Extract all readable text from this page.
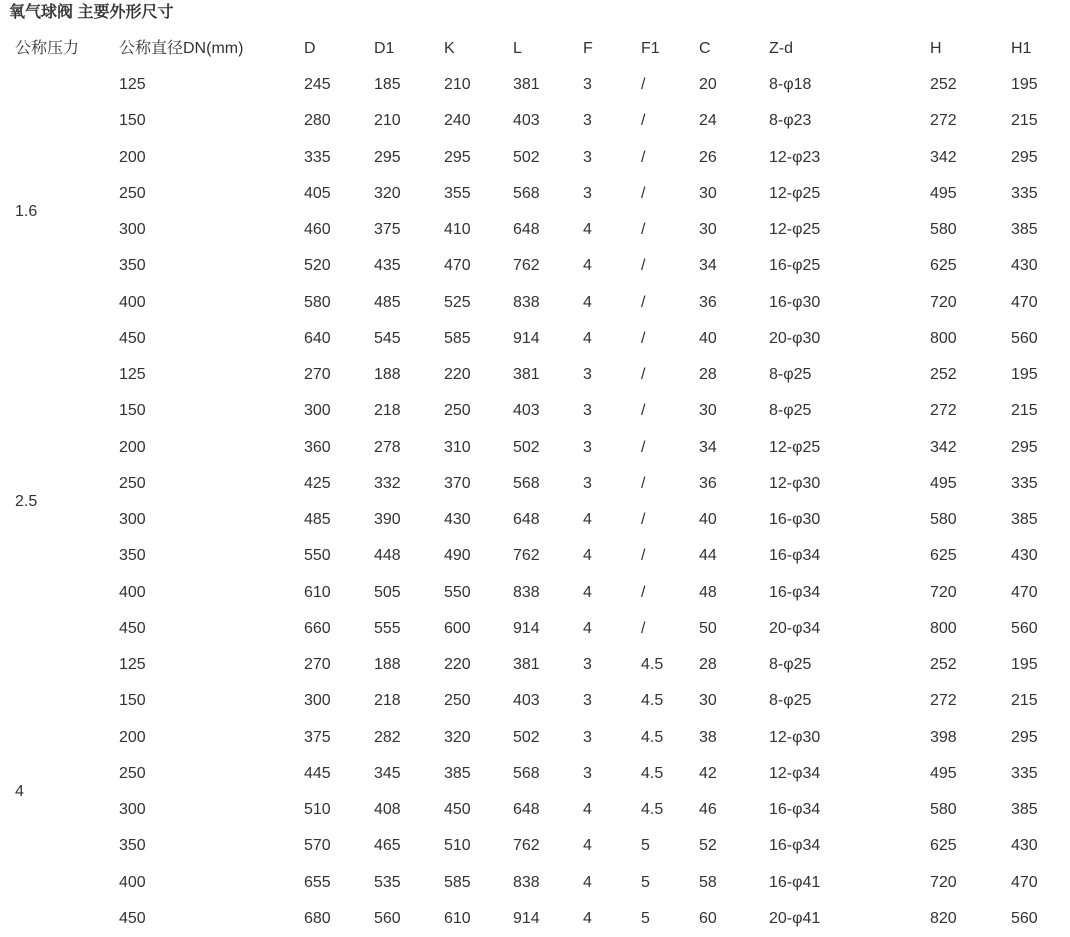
氧气球阀 主要外形尺寸
公称压力	公称直径DN(mm)	D	D1	K	L	F	F1	C	Z-d	H	H1
1.6	125	245	185	210	381	3	/	20	8-φ18	252	195
	150	280	210	240	403	3	/	24	8-φ23	272	215
	200	335	295	295	502	3	/	26	12-φ23	342	295
	250	405	320	355	568	3	/	30	12-φ25	495	335
	300	460	375	410	648	4	/	30	12-φ25	580	385
	350	520	435	470	762	4	/	34	16-φ25	625	430
	400	580	485	525	838	4	/	36	16-φ30	720	470
	450	640	545	585	914	4	/	40	20-φ30	800	560
2.5	125	270	188	220	381	3	/	28	8-φ25	252	195
	150	300	218	250	403	3	/	30	8-φ25	272	215
	200	360	278	310	502	3	/	34	12-φ25	342	295
	250	425	332	370	568	3	/	36	12-φ30	495	335
	300	485	390	430	648	4	/	40	16-φ30	580	385
	350	550	448	490	762	4	/	44	16-φ34	625	430
	400	610	505	550	838	4	/	48	16-φ34	720	470
	450	660	555	600	914	4	/	50	20-φ34	800	560
4	125	270	188	220	381	3	4.5	28	8-φ25	252	195
	150	300	218	250	403	3	4.5	30	8-φ25	272	215
	200	375	282	320	502	3	4.5	38	12-φ30	398	295
	250	445	345	385	568	3	4.5	42	12-φ34	495	335
	300	510	408	450	648	4	4.5	46	16-φ34	580	385
	350	570	465	510	762	4	5	52	16-φ34	625	430
	400	655	535	585	838	4	5	58	16-φ41	720	470
	450	680	560	610	914	4	5	60	20-φ41	820	560
